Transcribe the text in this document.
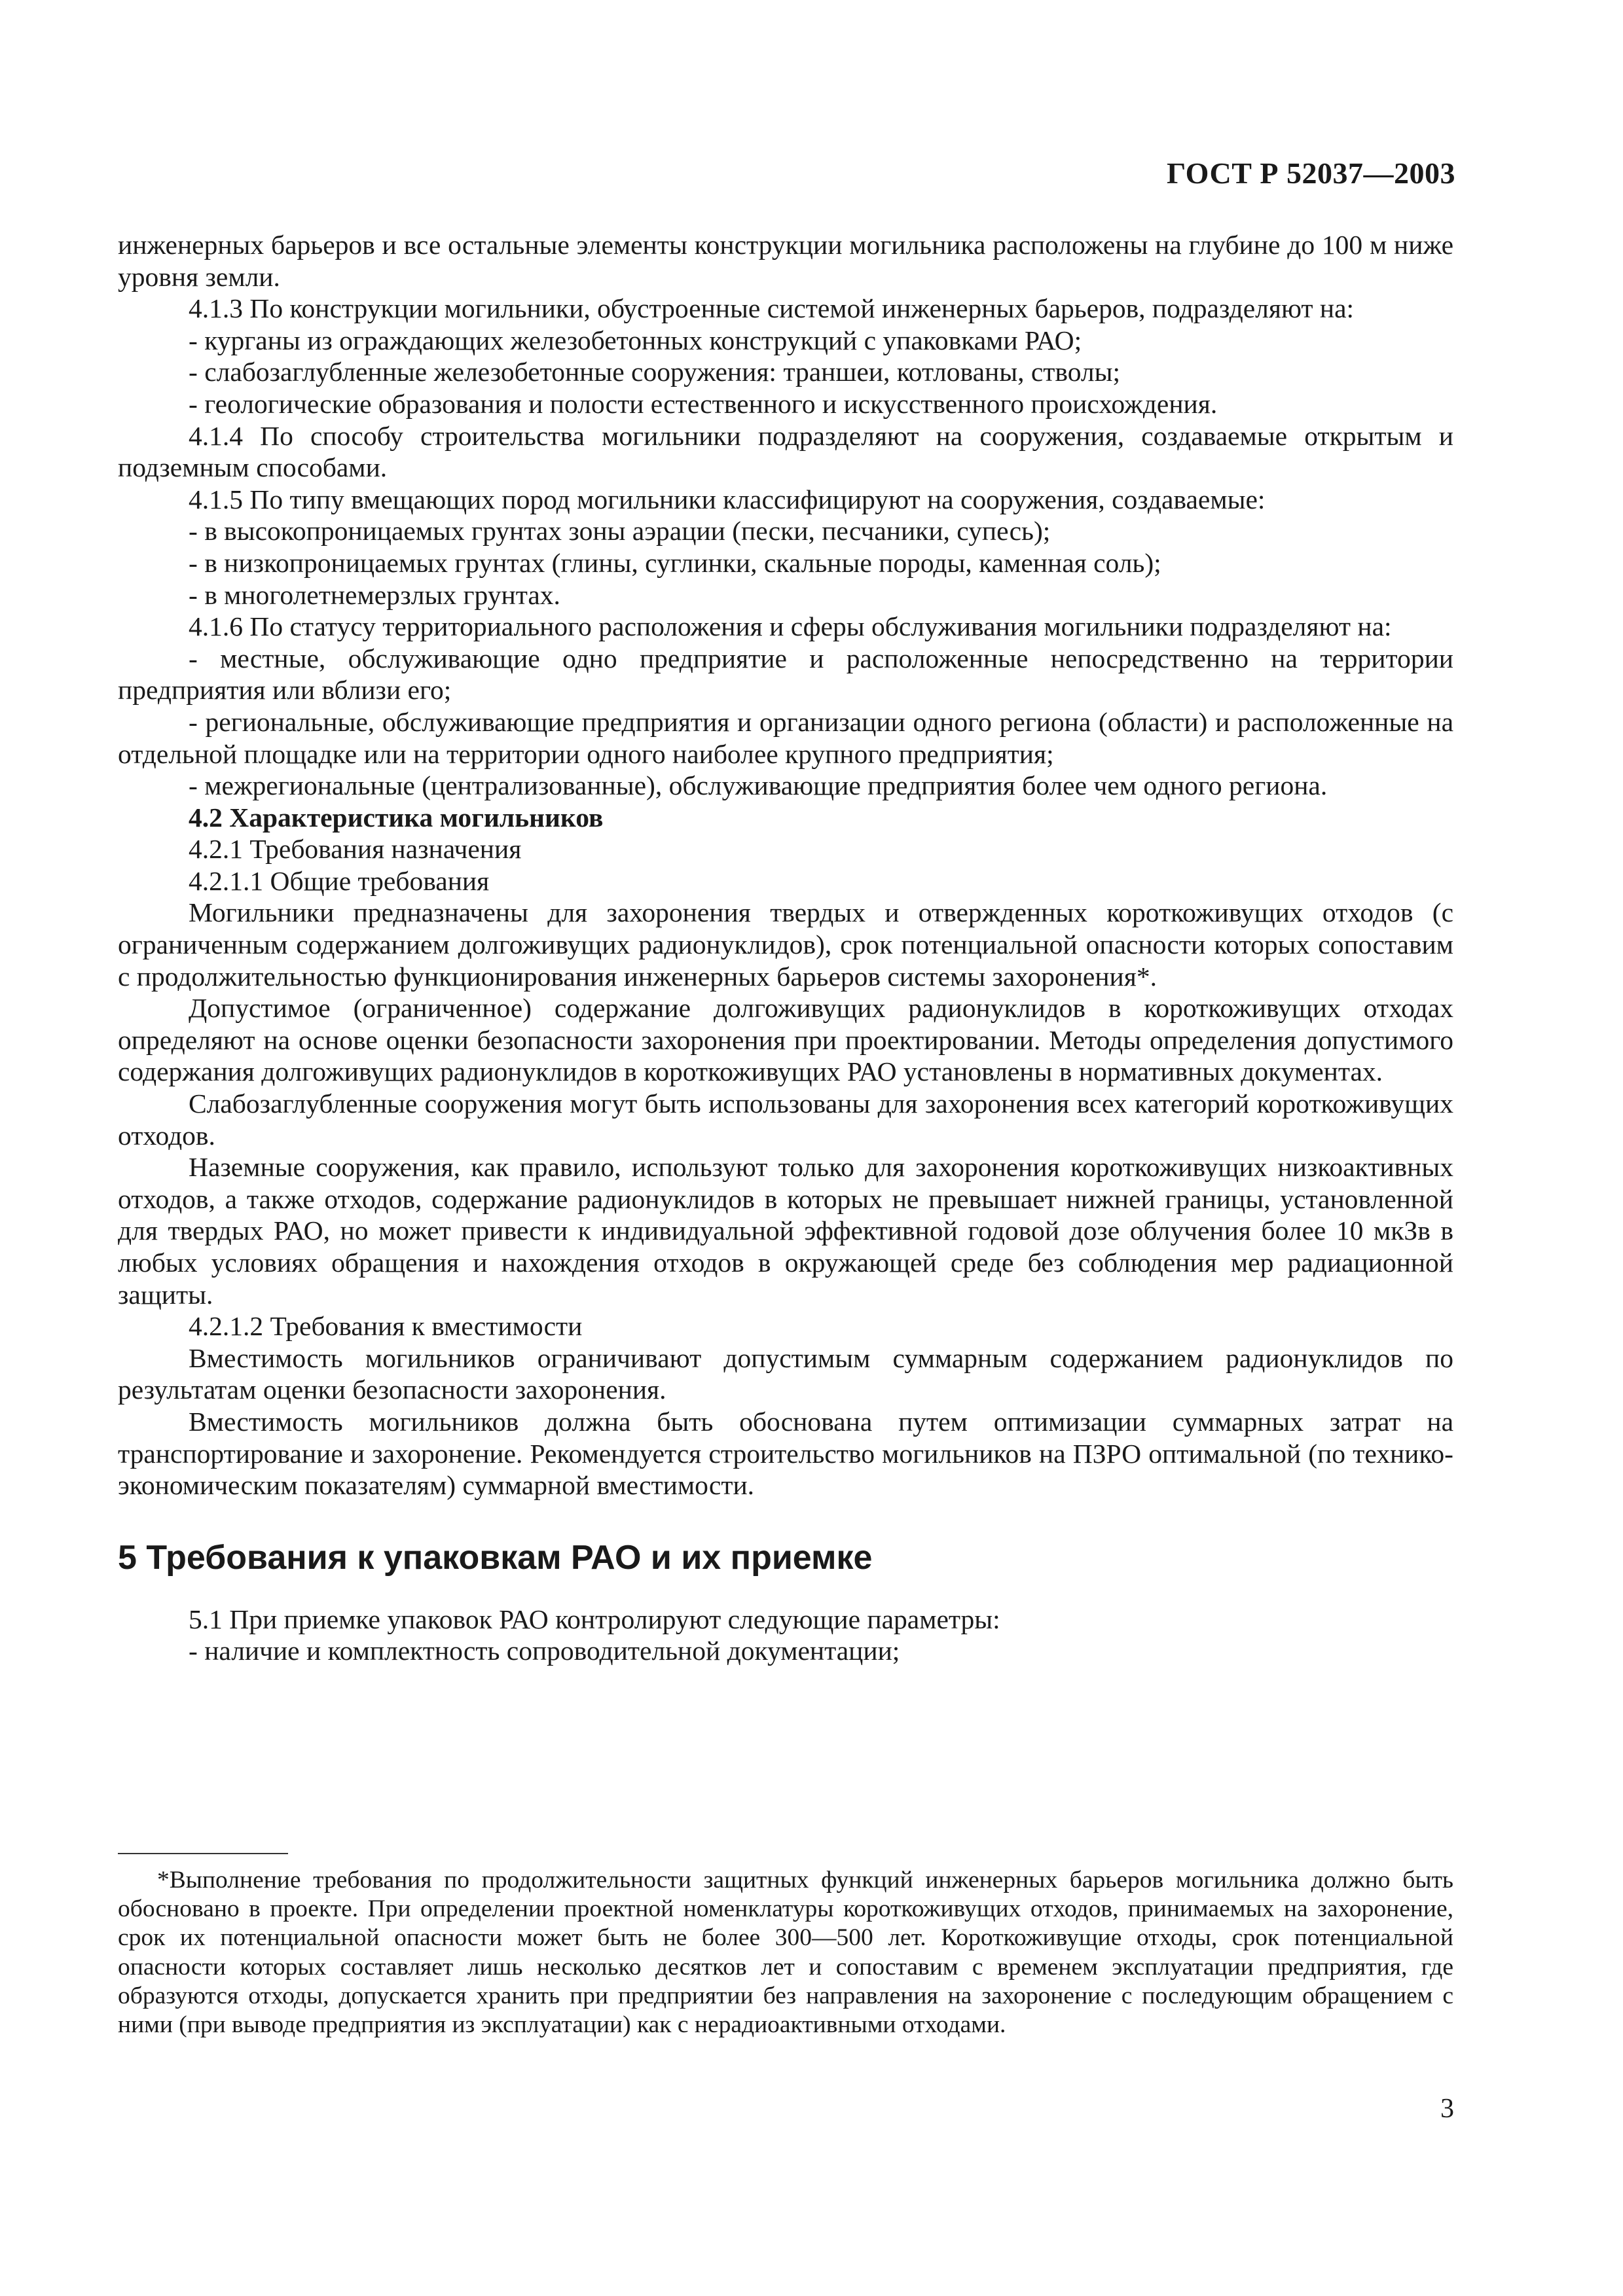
ГОСТ Р 52037—2003

инженерных барьеров и все остальные элементы конструкции могильника расположены на глубине до 100 м ниже уровня земли.

4.1.3 По конструкции могильники, обустроенные системой инженерных барьеров, подразделяют на:

- курганы из ограждающих железобетонных конструкций с упаковками РАО;

- слабозаглубленные железобетонные сооружения: траншеи, котлованы, стволы;

- геологические образования и полости естественного и искусственного происхождения.

4.1.4 По способу строительства могильники подразделяют на сооружения, создаваемые открытым и подземным способами.

4.1.5 По типу вмещающих пород могильники классифицируют на сооружения, создаваемые:

- в высокопроницаемых грунтах зоны аэрации (пески, песчаники, супесь);

- в низкопроницаемых грунтах (глины, суглинки, скальные породы, каменная соль);

- в многолетнемерзлых грунтах.

4.1.6 По статусу территориального расположения и сферы обслуживания могильники подразделяют на:

- местные, обслуживающие одно предприятие и расположенные непосредственно на территории предприятия или вблизи его;

- региональные, обслуживающие предприятия и организации одного региона (области) и расположенные на отдельной площадке или на территории одного наиболее крупного предприятия;

- межрегиональные (централизованные), обслуживающие предприятия более чем одного региона.

4.2 Характеристика могильников

4.2.1 Требования назначения

4.2.1.1 Общие требования

Могильники предназначены для захоронения твердых и отвержденных короткоживущих отходов (с ограниченным содержанием долгоживущих радионуклидов), срок потенциальной опасности которых сопоставим с продолжительностью функционирования инженерных барьеров системы захоронения*.

Допустимое (ограниченное) содержание долгоживущих радионуклидов в короткоживущих отходах определяют на основе оценки безопасности захоронения при проектировании. Методы определения допустимого содержания долгоживущих радионуклидов в короткоживущих РАО установлены в нормативных документах.

Слабозаглубленные сооружения могут быть использованы для захоронения всех категорий короткоживущих отходов.

Наземные сооружения, как правило, используют только для захоронения короткоживущих низкоактивных отходов, а также отходов, содержание радионуклидов в которых не превышает нижней границы, установленной для твердых РАО, но может привести к индивидуальной эффективной годовой дозе облучения более 10 мкЗв в любых условиях обращения и нахождения отходов в окружающей среде без соблюдения мер радиационной защиты.

4.2.1.2 Требования к вместимости

Вместимость могильников ограничивают допустимым суммарным содержанием радионуклидов по результатам оценки безопасности захоронения.

Вместимость могильников должна быть обоснована путем оптимизации суммарных затрат на транспортирование и захоронение. Рекомендуется строительство могильников на ПЗРО оптимальной (по технико-экономическим показателям) суммарной вместимости.

5 Требования к упаковкам РАО и их приемке

5.1 При приемке упаковок РАО контролируют следующие параметры:

- наличие и комплектность сопроводительной документации;

*Выполнение требования по продолжительности защитных функций инженерных барьеров могильника должно быть обосновано в проекте. При определении проектной номенклатуры короткоживущих отходов, принимаемых на захоронение, срок их потенциальной опасности может быть не более 300—500 лет. Короткоживущие отходы, срок потенциальной опасности которых составляет лишь несколько десятков лет и сопоставим с временем эксплуатации предприятия, где образуются отходы, допускается хранить при предприятии без направления на захоронение с последующим обращением с ними (при выводе предприятия из эксплуатации) как с нерадиоактивными отходами.

3
